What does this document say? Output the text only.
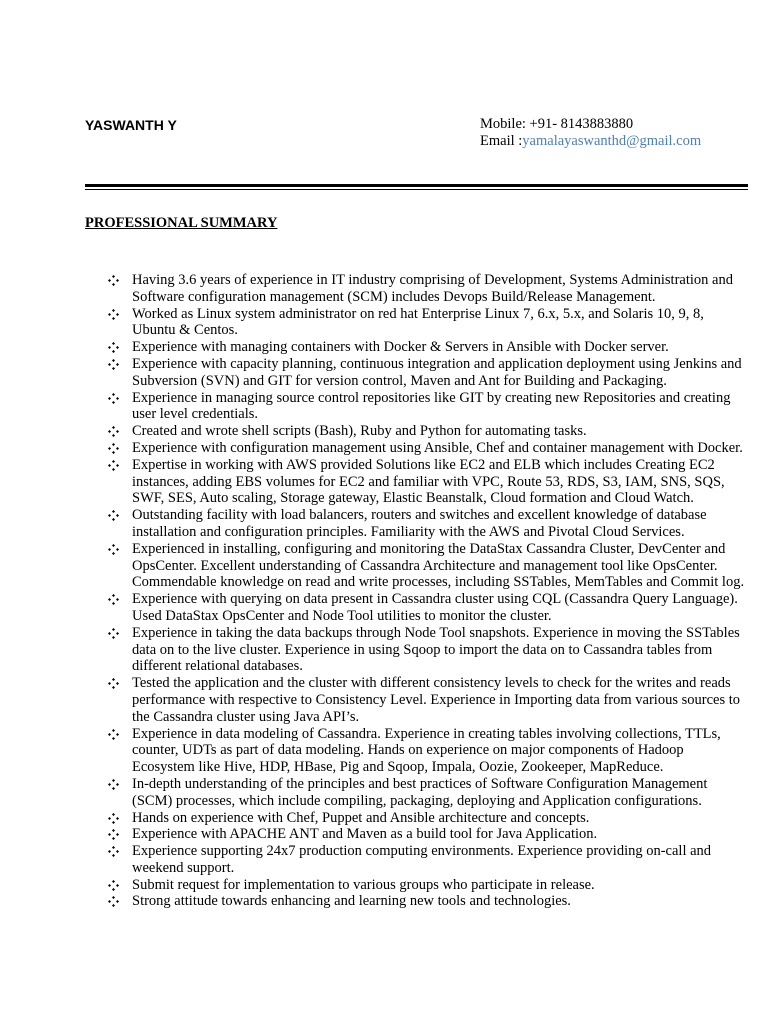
YASWANTH Y	Mobile: +91- 8143883880
Email :yamalayaswanthd@gmail.com
PROFESSIONAL SUMMARY
Having 3.6 years of experience in IT industry comprising of Development, Systems Administration and Software configuration management (SCM) includes Devops Build/Release Management.
Worked as Linux system administrator on red hat Enterprise Linux 7, 6.x, 5.x, and Solaris 10, 9, 8, Ubuntu & Centos.
Experience with managing containers with Docker & Servers in Ansible with Docker server.
Experience with capacity planning, continuous integration and application deployment using Jenkins and Subversion (SVN) and GIT for version control, Maven and Ant for Building and Packaging.
Experience in managing source control repositories like GIT by creating new Repositories and creating user level credentials.
Created and wrote shell scripts (Bash), Ruby and Python for automating tasks.
Experience with configuration management using Ansible, Chef and container management with Docker.
Expertise in working with AWS provided Solutions like EC2 and ELB which includes Creating EC2 instances, adding EBS volumes for EC2 and familiar with VPC, Route 53, RDS, S3, IAM, SNS, SQS, SWF, SES, Auto scaling, Storage gateway, Elastic Beanstalk, Cloud formation and Cloud Watch.
Outstanding facility with load balancers, routers and switches and excellent knowledge of database installation and configuration principles. Familiarity with the AWS and Pivotal Cloud Services.
Experienced in installing, configuring and monitoring the DataStax Cassandra Cluster, DevCenter and OpsCenter. Excellent understanding of Cassandra Architecture and management tool like OpsCenter. Commendable knowledge on read and write processes, including SSTables, MemTables and Commit log.
Experience with querying on data present in Cassandra cluster using CQL (Cassandra Query Language). Used DataStax OpsCenter and Node Tool utilities to monitor the cluster.
Experience in taking the data backups through Node Tool snapshots. Experience in moving the SSTables data on to the live cluster. Experience in using Sqoop to import the data on to Cassandra tables from different relational databases.
Tested the application and the cluster with different consistency levels to check for the writes and reads performance with respective to Consistency Level. Experience in Importing data from various sources to the Cassandra cluster using Java API’s.
Experience in data modeling of Cassandra. Experience in creating tables involving collections, TTLs, counter, UDTs as part of data modeling. Hands on experience on major components of Hadoop Ecosystem like Hive, HDP, HBase, Pig and Sqoop, Impala, Oozie, Zookeeper, MapReduce.
In-depth understanding of the principles and best practices of Software Configuration Management (SCM) processes, which include compiling, packaging, deploying and Application configurations.
Hands on experience with Chef, Puppet and Ansible architecture and concepts.
Experience with APACHE ANT and Maven as a build tool for Java Application.
Experience supporting 24x7 production computing environments. Experience providing on-call and weekend support.
Submit request for implementation to various groups who participate in release.
Strong attitude towards enhancing and learning new tools and technologies.
